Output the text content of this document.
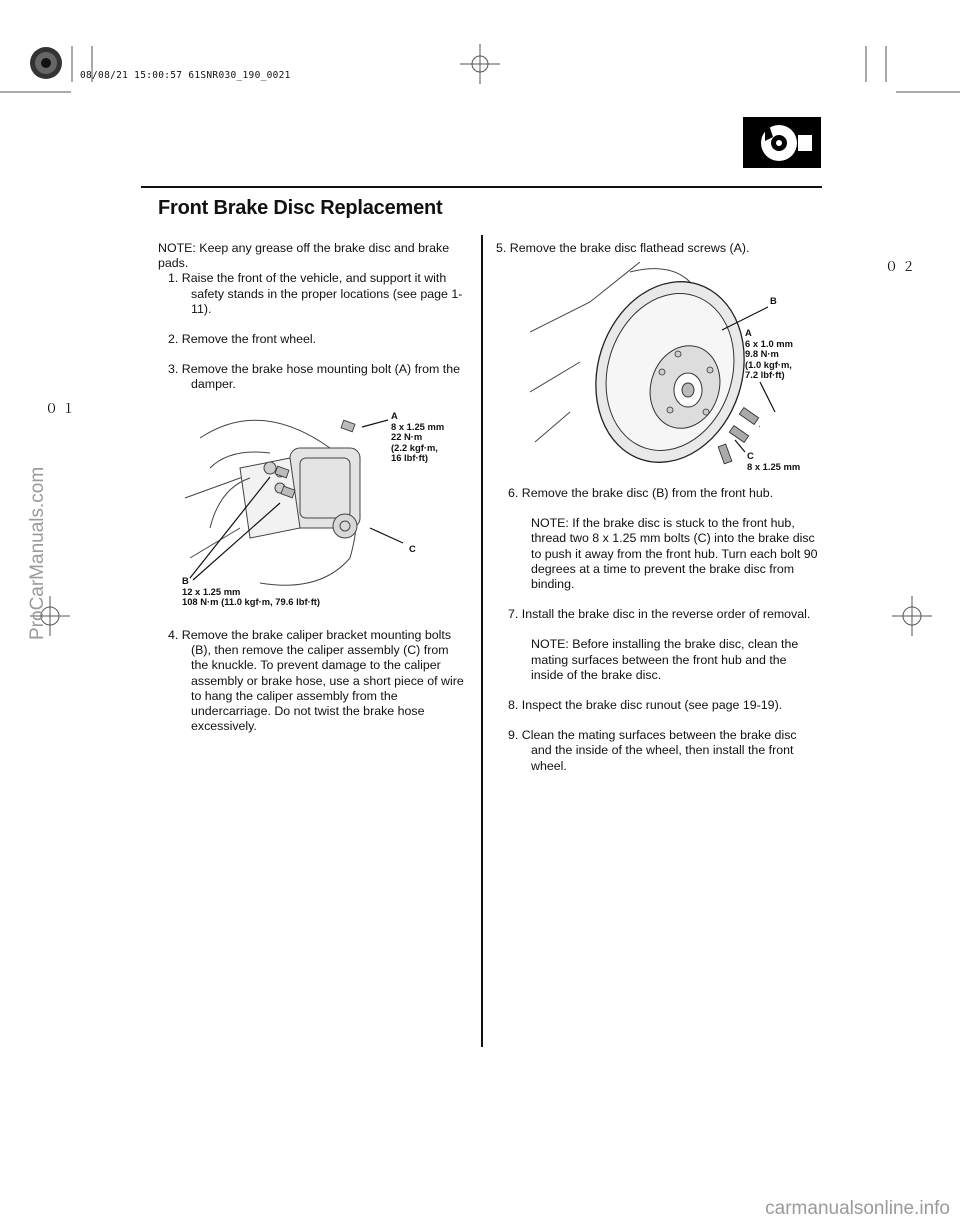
08/08/21 15:00:57 61SNR030_190_0021
０２
０１
Front Brake Disc Replacement

NOTE: Keep any grease off the brake disc and brake pads.

1. Raise the front of the vehicle, and support it with safety stands in the proper locations (see page 1-11).

2. Remove the front wheel.

3. Remove the brake hose mounting bolt (A) from the damper.

A
8 x 1.25 mm
22 N·m
(2.2 kgf·m,
16 lbf·ft)
C
B
12 x 1.25 mm
108 N·m (11.0 kgf·m, 79.6 lbf·ft)

4. Remove the brake caliper bracket mounting bolts (B), then remove the caliper assembly (C) from the knuckle. To prevent damage to the caliper assembly or brake hose, use a short piece of wire to hang the caliper assembly from the undercarriage. Do not twist the brake hose excessively.

5. Remove the brake disc flathead screws (A).
B
A
6 x 1.0 mm
9.8 N·m
(1.0 kgf·m,
7.2 lbf·ft)
C
8 x 1.25 mm

6. Remove the brake disc (B) from the front hub.

NOTE: If the brake disc is stuck to the front hub, thread two 8 x 1.25 mm bolts (C) into the brake disc to push it away from the front hub. Turn each bolt 90 degrees at a time to prevent the brake disc from binding.

7. Install the brake disc in the reverse order of removal.

NOTE: Before installing the brake disc, clean the mating surfaces between the front hub and the inside of the brake disc.

8. Inspect the brake disc runout (see page 19-19).

9. Clean the mating surfaces between the brake disc and the inside of the wheel, then install the front wheel.

ProCarManuals.com
carmanualsonline.info
